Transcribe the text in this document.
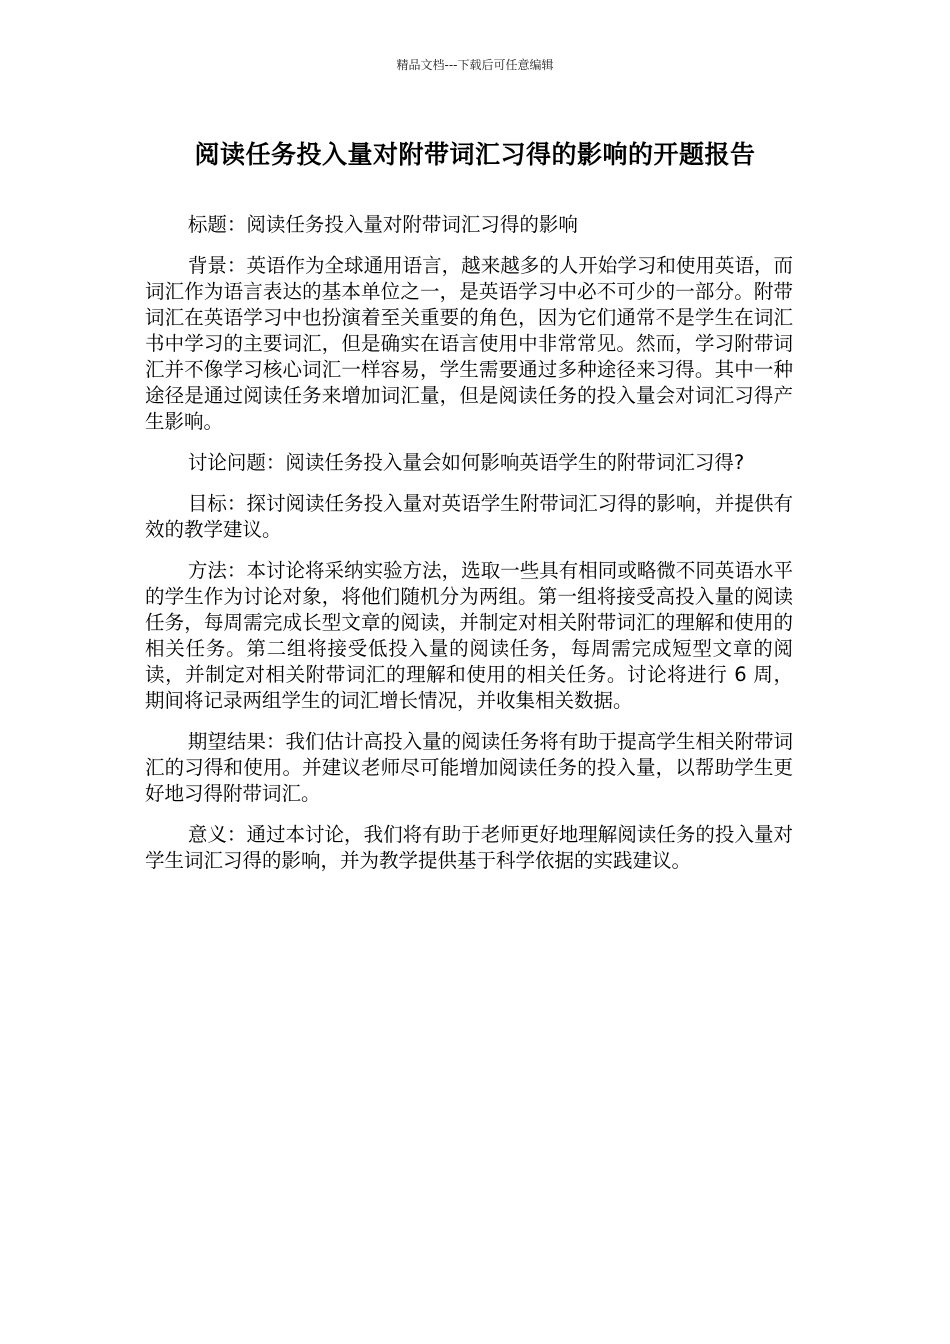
精品文档---下载后可任意编辑
阅读任务投入量对附带词汇习得的影响的开题报告

标题：阅读任务投入量对附带词汇习得的影响

背景：英语作为全球通用语言，越来越多的人开始学习和使用英语，而词汇作为语言表达的基本单位之一，是英语学习中必不可少的一部分。附带词汇在英语学习中也扮演着至关重要的角色，因为它们通常不是学生在词汇书中学习的主要词汇，但是确实在语言使用中非常常见。然而，学习附带词汇并不像学习核心词汇一样容易，学生需要通过多种途径来习得。其中一种途径是通过阅读任务来增加词汇量，但是阅读任务的投入量会对词汇习得产生影响。

讨论问题：阅读任务投入量会如何影响英语学生的附带词汇习得?

目标：探讨阅读任务投入量对英语学生附带词汇习得的影响，并提供有效的教学建议。

方法：本讨论将采纳实验方法，选取一些具有相同或略微不同英语水平的学生作为讨论对象，将他们随机分为两组。第一组将接受高投入量的阅读任务，每周需完成长型文章的阅读，并制定对相关附带词汇的理解和使用的相关任务。第二组将接受低投入量的阅读任务，每周需完成短型文章的阅读，并制定对相关附带词汇的理解和使用的相关任务。讨论将进行 6 周，期间将记录两组学生的词汇增长情况，并收集相关数据。

期望结果：我们估计高投入量的阅读任务将有助于提高学生相关附带词汇的习得和使用。并建议老师尽可能增加阅读任务的投入量，以帮助学生更好地习得附带词汇。

意义：通过本讨论，我们将有助于老师更好地理解阅读任务的投入量对学生词汇习得的影响，并为教学提供基于科学依据的实践建议。
